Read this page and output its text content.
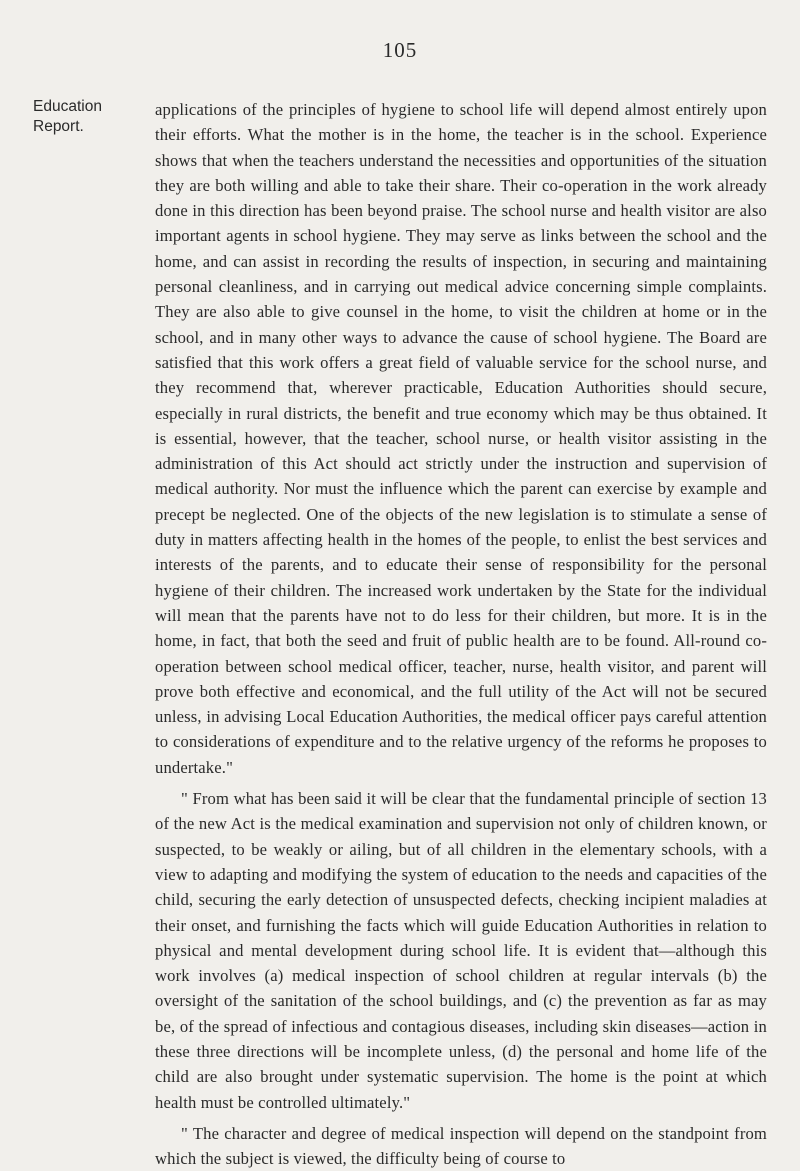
105
Education Report.

applications of the principles of hygiene to school life will depend almost entirely upon their efforts. What the mother is in the home, the teacher is in the school. Experience shows that when the teachers understand the necessities and opportunities of the situation they are both willing and able to take their share. Their co-operation in the work already done in this direction has been beyond praise. The school nurse and health visitor are also important agents in school hygiene. They may serve as links between the school and the home, and can assist in recording the results of inspection, in securing and maintaining personal cleanliness, and in carrying out medical advice concerning simple complaints. They are also able to give counsel in the home, to visit the children at home or in the school, and in many other ways to advance the cause of school hygiene. The Board are satisfied that this work offers a great field of valuable service for the school nurse, and they recommend that, wherever practicable, Education Authorities should secure, especially in rural districts, the benefit and true economy which may be thus obtained. It is essential, however, that the teacher, school nurse, or health visitor assisting in the administration of this Act should act strictly under the instruction and supervision of medical authority. Nor must the influence which the parent can exercise by example and precept be neglected. One of the objects of the new legislation is to stimulate a sense of duty in matters affecting health in the homes of the people, to enlist the best services and interests of the parents, and to educate their sense of responsibility for the personal hygiene of their children. The increased work undertaken by the State for the individual will mean that the parents have not to do less for their children, but more. It is in the home, in fact, that both the seed and fruit of public health are to be found. All-round co-operation between school medical officer, teacher, nurse, health visitor, and parent will prove both effective and economical, and the full utility of the Act will not be secured unless, in advising Local Education Authorities, the medical officer pays careful attention to considerations of expenditure and to the relative urgency of the reforms he proposes to undertake."

" From what has been said it will be clear that the fundamental principle of section 13 of the new Act is the medical examination and supervision not only of children known, or suspected, to be weakly or ailing, but of all children in the elementary schools, with a view to adapting and modifying the system of education to the needs and capacities of the child, securing the early detection of unsuspected defects, checking incipient maladies at their onset, and furnishing the facts which will guide Education Authorities in relation to physical and mental development during school life. It is evident that—although this work involves (a) medical inspection of school children at regular intervals (b) the oversight of the sanitation of the school buildings, and (c) the prevention as far as may be, of the spread of infectious and contagious diseases, including skin diseases—action in these three directions will be incomplete unless, (d) the personal and home life of the child are also brought under systematic supervision. The home is the point at which health must be controlled ultimately."

" The character and degree of medical inspection will depend on the standpoint from which the subject is viewed, the difficulty being of course to
